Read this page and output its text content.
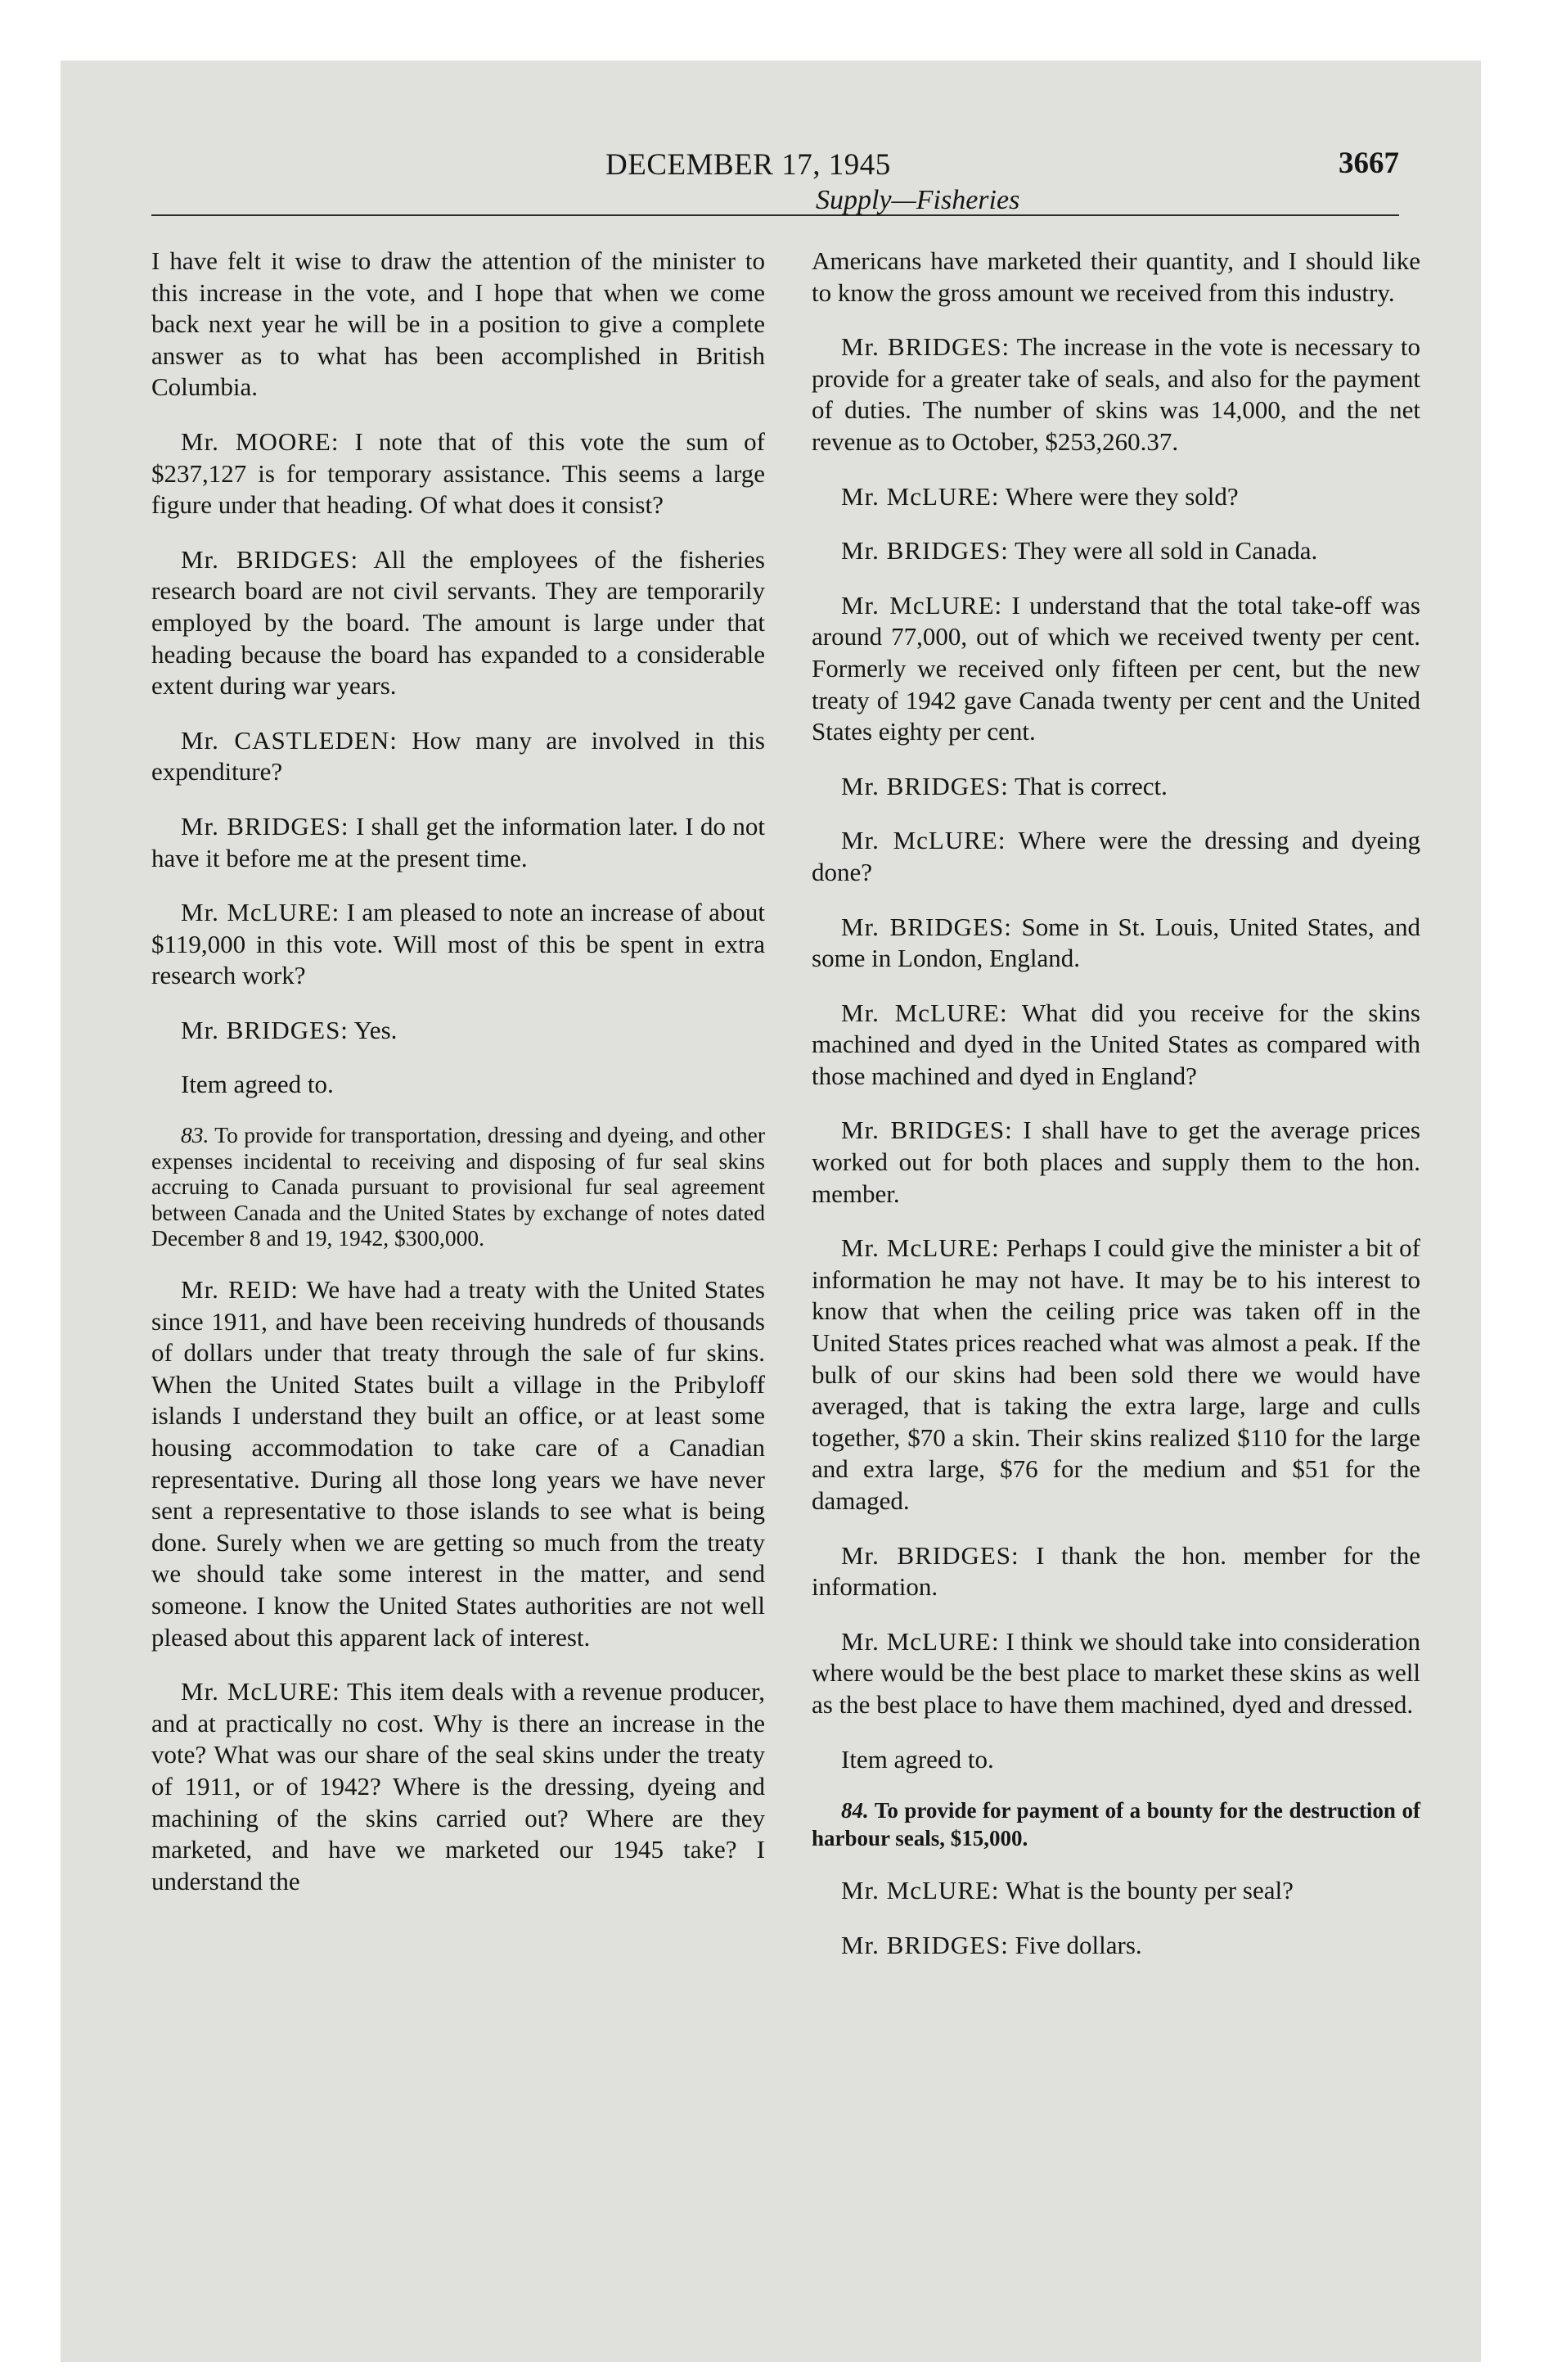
DECEMBER 17, 1945	3667
Supply—Fisheries

I have felt it wise to draw the attention of the minister to this increase in the vote, and I hope that when we come back next year he will be in a position to give a complete answer as to what has been accomplished in British Columbia.

Mr. MOORE: I note that of this vote the sum of $237,127 is for temporary assistance. This seems a large figure under that heading. Of what does it consist?

Mr. BRIDGES: All the employees of the fisheries research board are not civil servants. They are temporarily employed by the board. The amount is large under that heading because the board has expanded to a considerable extent during war years.

Mr. CASTLEDEN: How many are involved in this expenditure?

Mr. BRIDGES: I shall get the information later. I do not have it before me at the present time.

Mr. McLURE: I am pleased to note an increase of about $119,000 in this vote. Will most of this be spent in extra research work?

Mr. BRIDGES: Yes.

Item agreed to.

83. To provide for transportation, dressing and dyeing, and other expenses incidental to receiving and disposing of fur seal skins accruing to Canada pursuant to provisional fur seal agreement between Canada and the United States by exchange of notes dated December 8 and 19, 1942, $300,000.

Mr. REID: We have had a treaty with the United States since 1911, and have been receiving hundreds of thousands of dollars under that treaty through the sale of fur skins. When the United States built a village in the Pribyloff islands I understand they built an office, or at least some housing accommodation to take care of a Canadian representative. During all those long years we have never sent a representative to those islands to see what is being done. Surely when we are getting so much from the treaty we should take some interest in the matter, and send someone. I know the United States authorities are not well pleased about this apparent lack of interest.

Mr. McLURE: This item deals with a revenue producer, and at practically no cost. Why is there an increase in the vote? What was our share of the seal skins under the treaty of 1911, or of 1942? Where is the dressing, dyeing and machining of the skins carried out? Where are they marketed, and have we marketed our 1945 take? I understand the

Americans have marketed their quantity, and I should like to know the gross amount we received from this industry.

Mr. BRIDGES: The increase in the vote is necessary to provide for a greater take of seals, and also for the payment of duties. The number of skins was 14,000, and the net revenue as to October, $253,260.37.

Mr. McLURE: Where were they sold?

Mr. BRIDGES: They were all sold in Canada.

Mr. McLURE: I understand that the total take-off was around 77,000, out of which we received twenty per cent. Formerly we received only fifteen per cent, but the new treaty of 1942 gave Canada twenty per cent and the United States eighty per cent.

Mr. BRIDGES: That is correct.

Mr. McLURE: Where were the dressing and dyeing done?

Mr. BRIDGES: Some in St. Louis, United States, and some in London, England.

Mr. McLURE: What did you receive for the skins machined and dyed in the United States as compared with those machined and dyed in England?

Mr. BRIDGES: I shall have to get the average prices worked out for both places and supply them to the hon. member.

Mr. McLURE: Perhaps I could give the minister a bit of information he may not have. It may be to his interest to know that when the ceiling price was taken off in the United States prices reached what was almost a peak. If the bulk of our skins had been sold there we would have averaged, that is taking the extra large, large and culls together, $70 a skin. Their skins realized $110 for the large and extra large, $76 for the medium and $51 for the damaged.

Mr. BRIDGES: I thank the hon. member for the information.

Mr. McLURE: I think we should take into consideration where would be the best place to market these skins as well as the best place to have them machined, dyed and dressed.

Item agreed to.

84. To provide for payment of a bounty for the destruction of harbour seals, $15,000.

Mr. McLURE: What is the bounty per seal?

Mr. BRIDGES: Five dollars.
